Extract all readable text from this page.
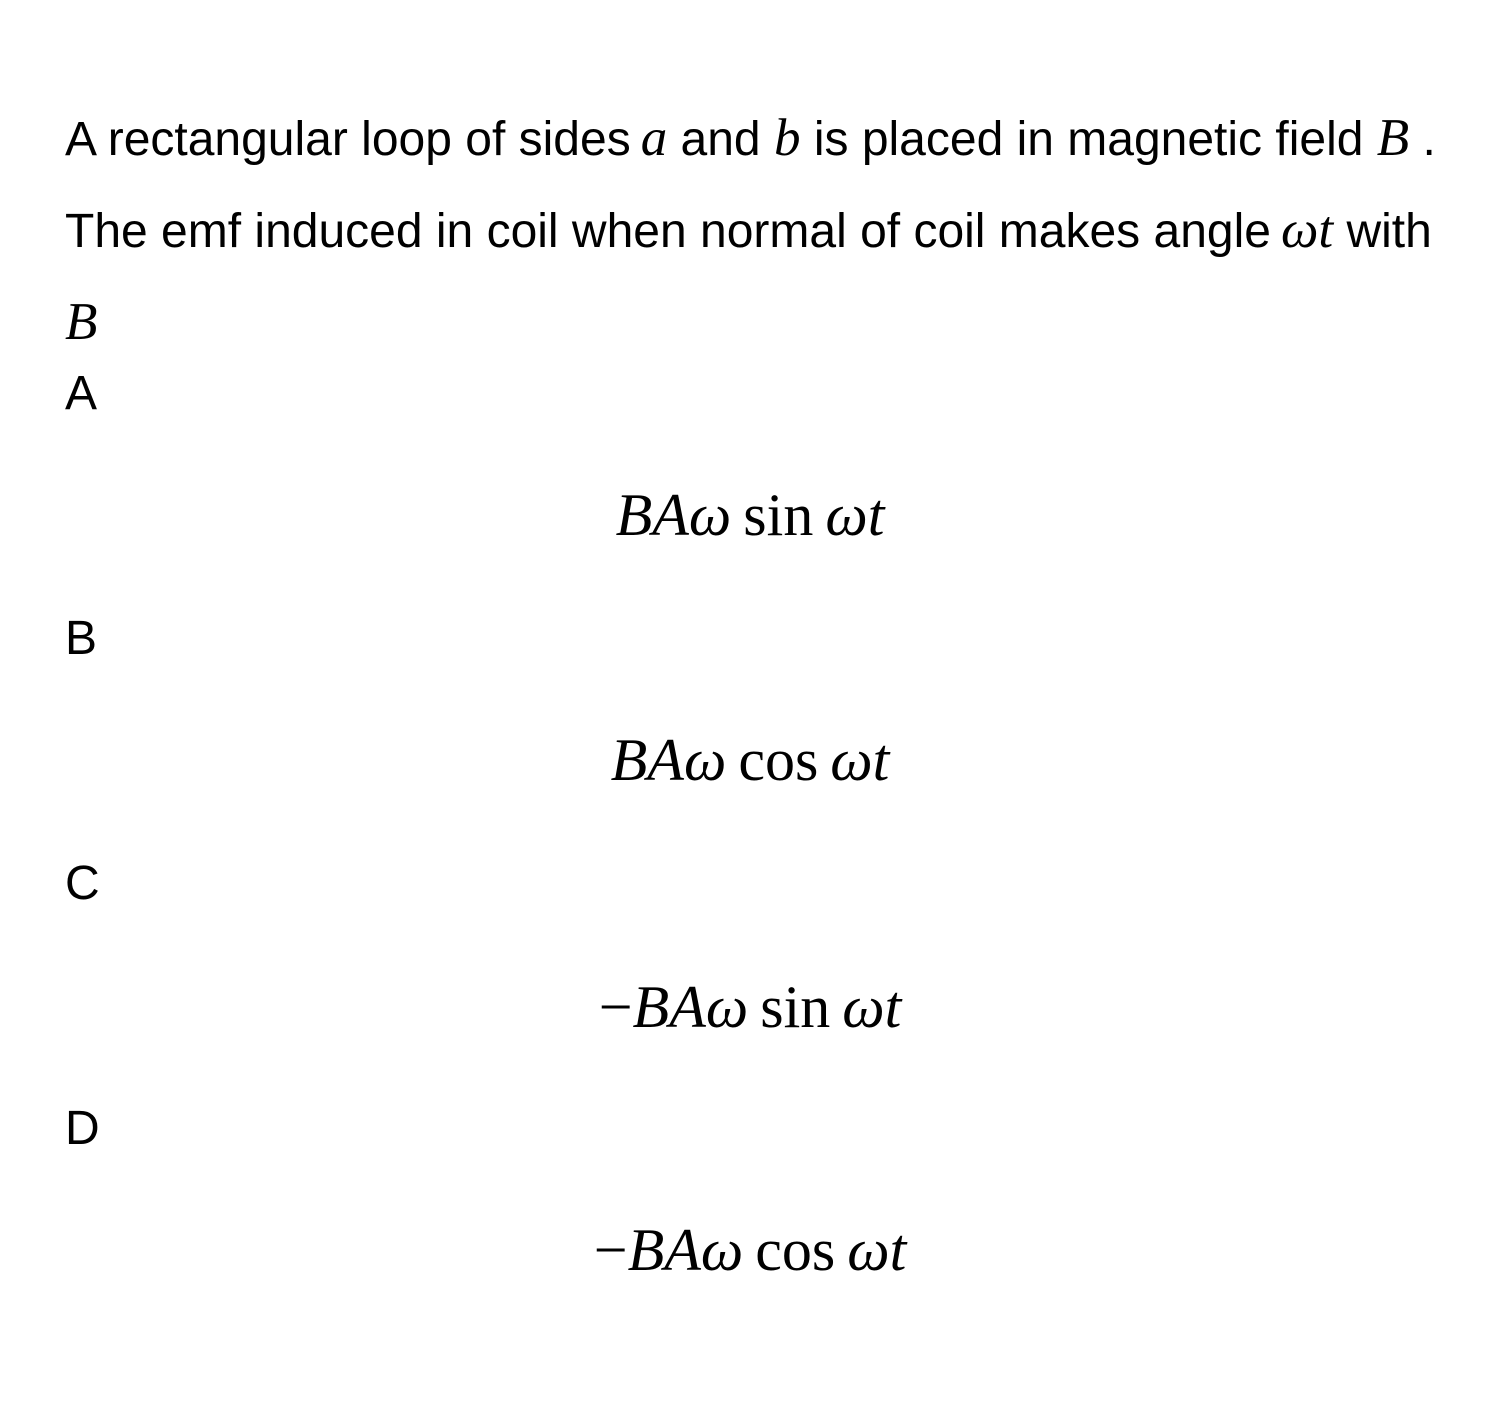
A rectangular loop of sides a and b is placed in magnetic field B . The emf induced in coil when normal of coil makes angle ωt with B

A
BAω sin ωt
B
BAω cos ωt
C
−BAω sin ωt
D
−BAω cos ωt
